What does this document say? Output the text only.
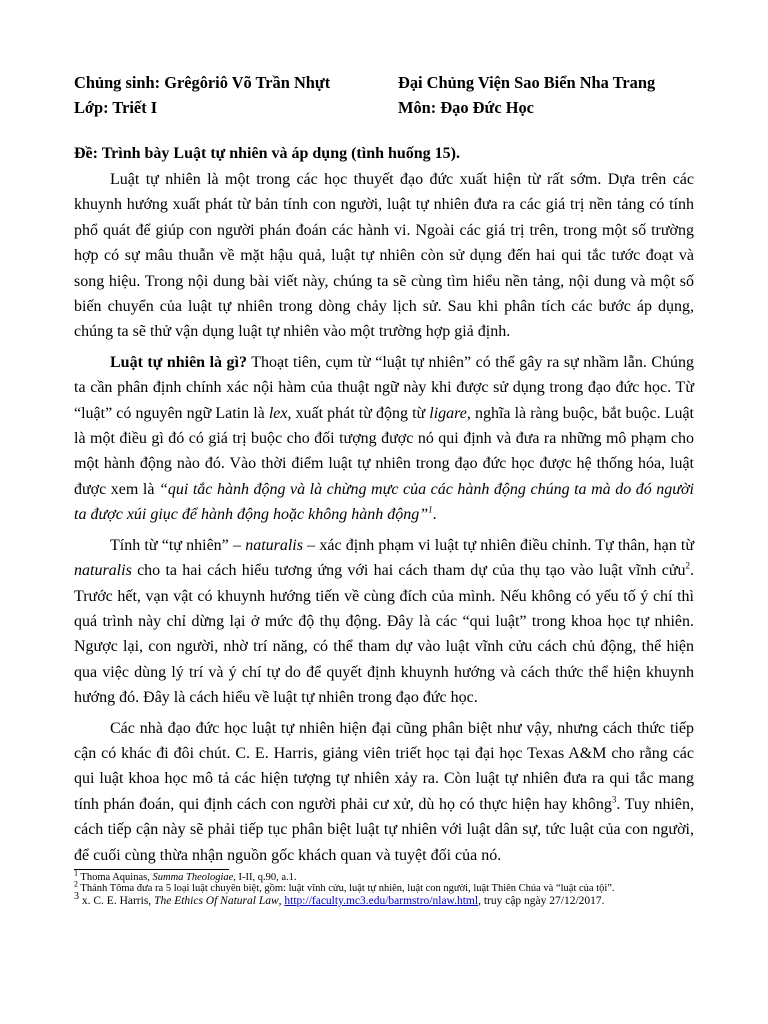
Chủng sinh: Grêgôriô Võ Trần Nhựt
Lớp: Triết I
Đại Chủng Viện Sao Biển Nha Trang
Môn: Đạo Đức Học
Đề: Trình bày Luật tự nhiên và áp dụng (tình huống 15).

Luật tự nhiên là một trong các học thuyết đạo đức xuất hiện từ rất sớm. Dựa trên các khuynh hướng xuất phát từ bản tính con người, luật tự nhiên đưa ra các giá trị nền tảng có tính phổ quát để giúp con người phán đoán các hành vi. Ngoài các giá trị trên, trong một số trường hợp có sự mâu thuẫn về mặt hậu quả, luật tự nhiên còn sử dụng đến hai qui tắc tước đoạt và song hiệu. Trong nội dung bài viết này, chúng ta sẽ cùng tìm hiểu nền tảng, nội dung và một số biến chuyển của luật tự nhiên trong dòng chảy lịch sử. Sau khi phân tích các bước áp dụng, chúng ta sẽ thử vận dụng luật tự nhiên vào một trường hợp giả định.

Luật tự nhiên là gì? Thoạt tiên, cụm từ “luật tự nhiên” có thể gây ra sự nhầm lẫn. Chúng ta cần phân định chính xác nội hàm của thuật ngữ này khi được sử dụng trong đạo đức học. Từ “luật” có nguyên ngữ Latin là lex, xuất phát từ động từ ligare, nghĩa là ràng buộc, bắt buộc. Luật là một điều gì đó có giá trị buộc cho đối tượng được nó qui định và đưa ra những mô phạm cho một hành động nào đó. Vào thời điểm luật tự nhiên trong đạo đức học được hệ thống hóa, luật được xem là “qui tắc hành động và là chừng mực của các hành động chúng ta mà do đó người ta được xúi giục để hành động hoặc không hành động”$^1$.

Tính từ “tự nhiên” – naturalis – xác định phạm vi luật tự nhiên điều chỉnh. Tự thân, hạn từ naturalis cho ta hai cách hiểu tương ứng với hai cách tham dự của thụ tạo vào luật vĩnh cửu$^2$. Trước hết, vạn vật có khuynh hướng tiến về cùng đích của mình. Nếu không có yếu tố ý chí thì quá trình này chỉ dừng lại ở mức độ thụ động. Đây là các “qui luật” trong khoa học tự nhiên. Ngược lại, con người, nhờ trí năng, có thể tham dự vào luật vĩnh cửu cách chủ động, thể hiện qua việc dùng lý trí và ý chí tự do để quyết định khuynh hướng và cách thức thể hiện khuynh hướng đó. Đây là cách hiểu về luật tự nhiên trong đạo đức học.

Các nhà đạo đức học luật tự nhiên hiện đại cũng phân biệt như vậy, nhưng cách thức tiếp cận có khác đi đôi chút. C. E. Harris, giảng viên triết học tại đại học Texas A&M cho rằng các qui luật khoa học mô tả các hiện tượng tự nhiên xảy ra. Còn luật tự nhiên đưa ra qui tắc mang tính phán đoán, qui định cách con người phải cư xử, dù họ có thực hiện hay không$^3$. Tuy nhiên, cách tiếp cận này sẽ phải tiếp tục phân biệt luật tự nhiên với luật dân sự, tức luật của con người, để cuối cùng thừa nhận nguồn gốc khách quan và tuyệt đối của nó.

$^1$ Thoma Aquinas, Summa Theologiae, I-II, q.90, a.1.

$^2$ Thánh Tôma đưa ra 5 loại luật chuyên biệt, gồm: luật vĩnh cửu, luật tự nhiên, luật con người, luật Thiên Chúa và “luật của tội”.

$^3$ x. C. E. Harris, The Ethics Of Natural Law, http://faculty.mc3.edu/barmstro/nlaw.html, truy cập ngày 27/12/2017.
